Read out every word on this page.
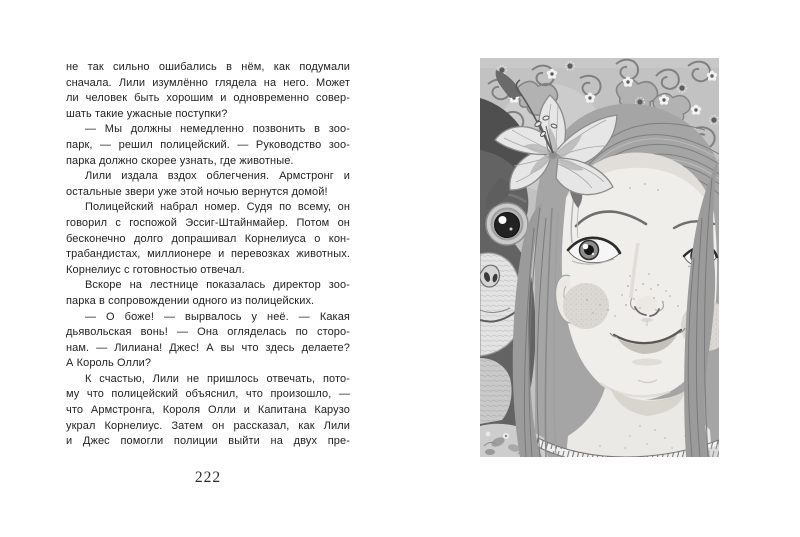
не так сильно ошибались в нём, как подумали

сначала. Лили изумлённо глядела на него. Может

ли человек быть хорошим и одновременно совер-

шать такие ужасные поступки?

— Мы должны немедленно позвонить в зоо-

парк, — решил полицейский. — Руководство зоо-

парка должно скорее узнать, где животные.

Лили издала вздох облегчения. Армстронг и

остальные звери уже этой ночью вернутся домой!

Полицейский набрал номер. Судя по всему, он

говорил с госпожой Эссиг-Штайнмайер. Потом он

бесконечно долго допрашивал Корнелиуса о кон-

трабандистах, миллионере и перевозках животных.

Корнелиус с готовностью отвечал.

Вскоре на лестнице показалась директор зоо-

парка в сопровождении одного из полицейских.

— О боже! — вырвалось у неё. — Какая

дьявольская вонь! — Она огляделась по сторо-

нам. — Лилиана! Джес! А вы что здесь делаете?

А Король Олли?

К счастью, Лили не пришлось отвечать, пото-

му что полицейский объяснил, что произошло, —

что Армстронга, Короля Олли и Капитана Карузо

украл Корнелиус. Затем он рассказал, как Лили

и Джес помогли полиции выйти на двух пре-

222
